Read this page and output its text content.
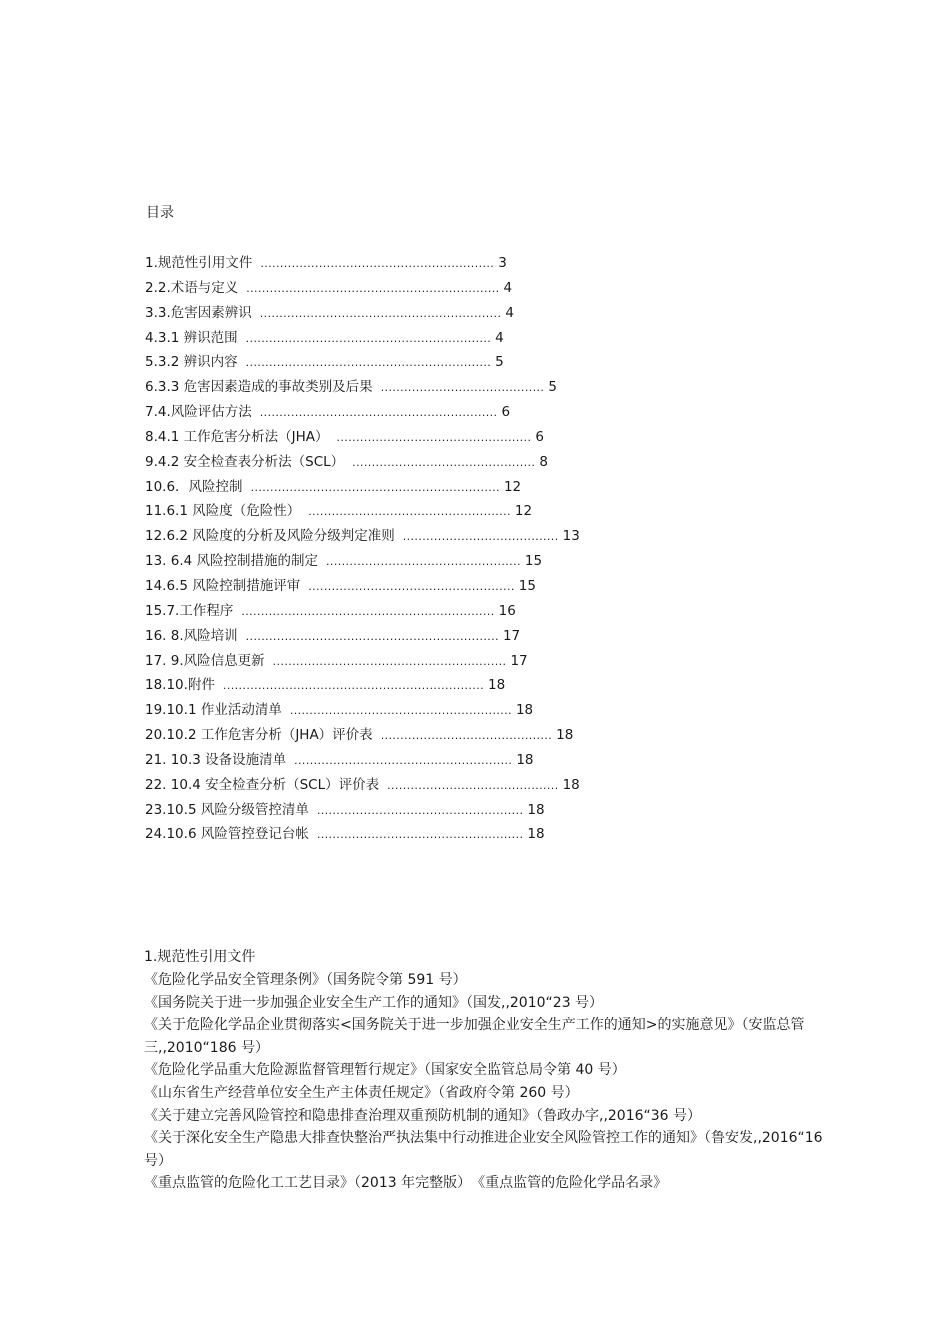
目录
1.规范性引用文件 ............................................................ 3
2.2.术语与定义 ................................................................. 4
3.3.危害因素辨识 .............................................................. 4
4.3.1 辨识范围 ............................................................... 4
5.3.2 辨识内容 ............................................................... 5
6.3.3 危害因素造成的事故类别及后果 .......................................... 5
7.4.风险评估方法 ............................................................. 6
8.4.1 工作危害分析法（JHA） .................................................. 6
9.4.2 安全检查表分析法（SCL） ............................................... 8
10.6．风险控制 ................................................................ 12
11.6.1 风险度（危险性） .................................................... 12
12.6.2 风险度的分析及风险分级判定准则 ........................................ 13
13. 6.4 风险控制措施的制定 .................................................. 15
14.6.5 风险控制措施评审 ..................................................... 15
15.7.工作程序 ................................................................. 16
16. 8.风险培训 ................................................................. 17
17. 9.风险信息更新 ............................................................ 17
18.10.附件 ................................................................... 18
19.10.1 作业活动清单 ......................................................... 18
20.10.2 工作危害分析（JHA）评价表 ............................................ 18
21. 10.3 设备设施清单 ........................................................ 18
22. 10.4 安全检查分析（SCL）评价表 ............................................ 18
23.10.5 风险分级管控清单 ..................................................... 18
24.10.6 风险管控登记台帐 ..................................................... 18
1.规范性引用文件

《危险化学品安全管理条例》（国务院令第 591 号）

《国务院关于进一步加强企业安全生产工作的通知》（国发,,2010“23 号）

《关于危险化学品企业贯彻落实<国务院关于进一步加强企业安全生产工作的通知>的实施意见》（安监总管三,,2010“186 号）

《危险化学品重大危险源监督管理暂行规定》（国家安全监管总局令第 40 号）

《山东省生产经营单位安全生产主体责任规定》（省政府令第 260 号）

《关于建立完善风险管控和隐患排查治理双重预防机制的通知》（鲁政办字,,2016“36 号）

《关于深化安全生产隐患大排查快整治严执法集中行动推进企业安全风险管控工作的通知》（鲁安发,,2016“16 号）

《重点监管的危险化工工艺目录》（2013 年完整版）　《重点监管的危险化学品名录》
